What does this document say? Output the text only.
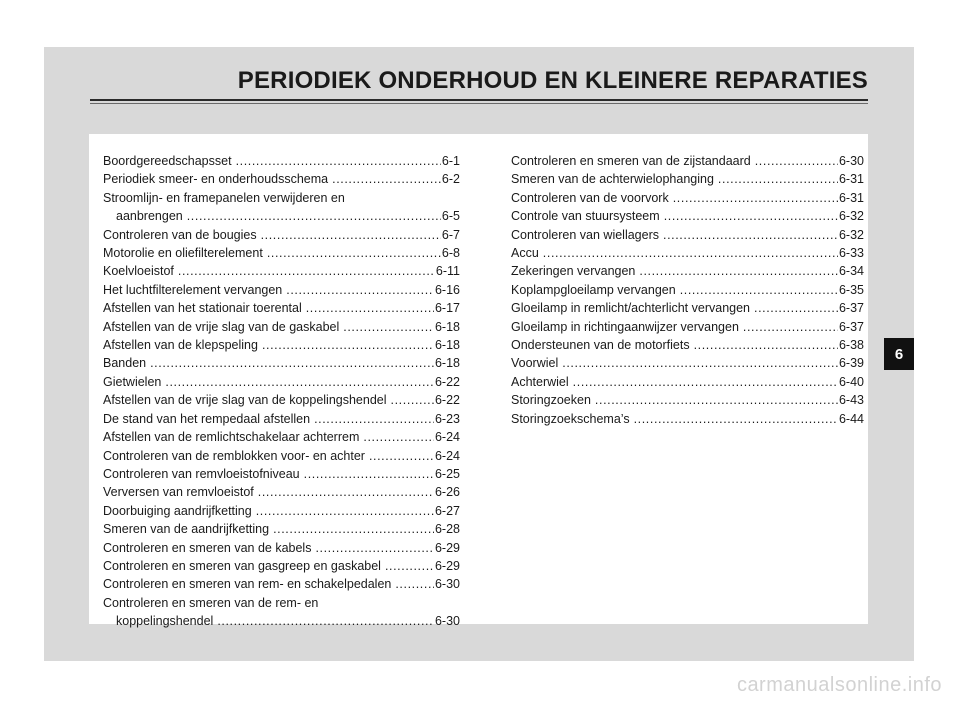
PERIODIEK ONDERHOUD EN KLEINERE REPARATIES
Boordgereedschapsset .....	6-1
Periodiek smeer- en onderhoudsschema .....	6-2
Stroomlijn- en framepanelen verwijderen en
aanbrengen .....	6-5
Controleren van de bougies .....	6-7
Motorolie en oliefilterelement .....	6-8
Koelvloeistof .....	6-11
Het luchtfilterelement vervangen .....	6-16
Afstellen van het stationair toerental .....	6-17
Afstellen van de vrije slag van de gaskabel .....	6-18
Afstellen van de klepspeling .....	6-18
Banden .....	6-18
Gietwielen .....	6-22
Afstellen van de vrije slag van de koppelingshendel .....	6-22
De stand van het rempedaal afstellen .....	6-23
Afstellen van de remlichtschakelaar achterrem .....	6-24
Controleren van de remblokken voor- en achter .....	6-24
Controleren van remvloeistofniveau .....	6-25
Verversen van remvloeistof .....	6-26
Doorbuiging aandrijfketting .....	6-27
Smeren van de aandrijfketting .....	6-28
Controleren en smeren van de kabels .....	6-29
Controleren en smeren van gasgreep en gaskabel .....	6-29
Controleren en smeren van rem- en schakelpedalen .....	6-30
Controleren en smeren van de rem- en
koppelingshendel .....	6-30
Controleren en smeren van de zijstandaard .....	6-30
Smeren van de achterwielophanging .....	6-31
Controleren van de voorvork .....	6-31
Controle van stuursysteem .....	6-32
Controleren van wiellagers .....	6-32
Accu .....	6-33
Zekeringen vervangen .....	6-34
Koplampgloeilamp vervangen .....	6-35
Gloeilamp in remlicht/achterlicht vervangen .....	6-37
Gloeilamp in richtingaanwijzer vervangen .....	6-37
Ondersteunen van de motorfiets .....	6-38
Voorwiel .....	6-39
Achterwiel .....	6-40
Storingzoeken .....	6-43
Storingzoekschema’s .....	6-44
6

carmanualsonline.info
